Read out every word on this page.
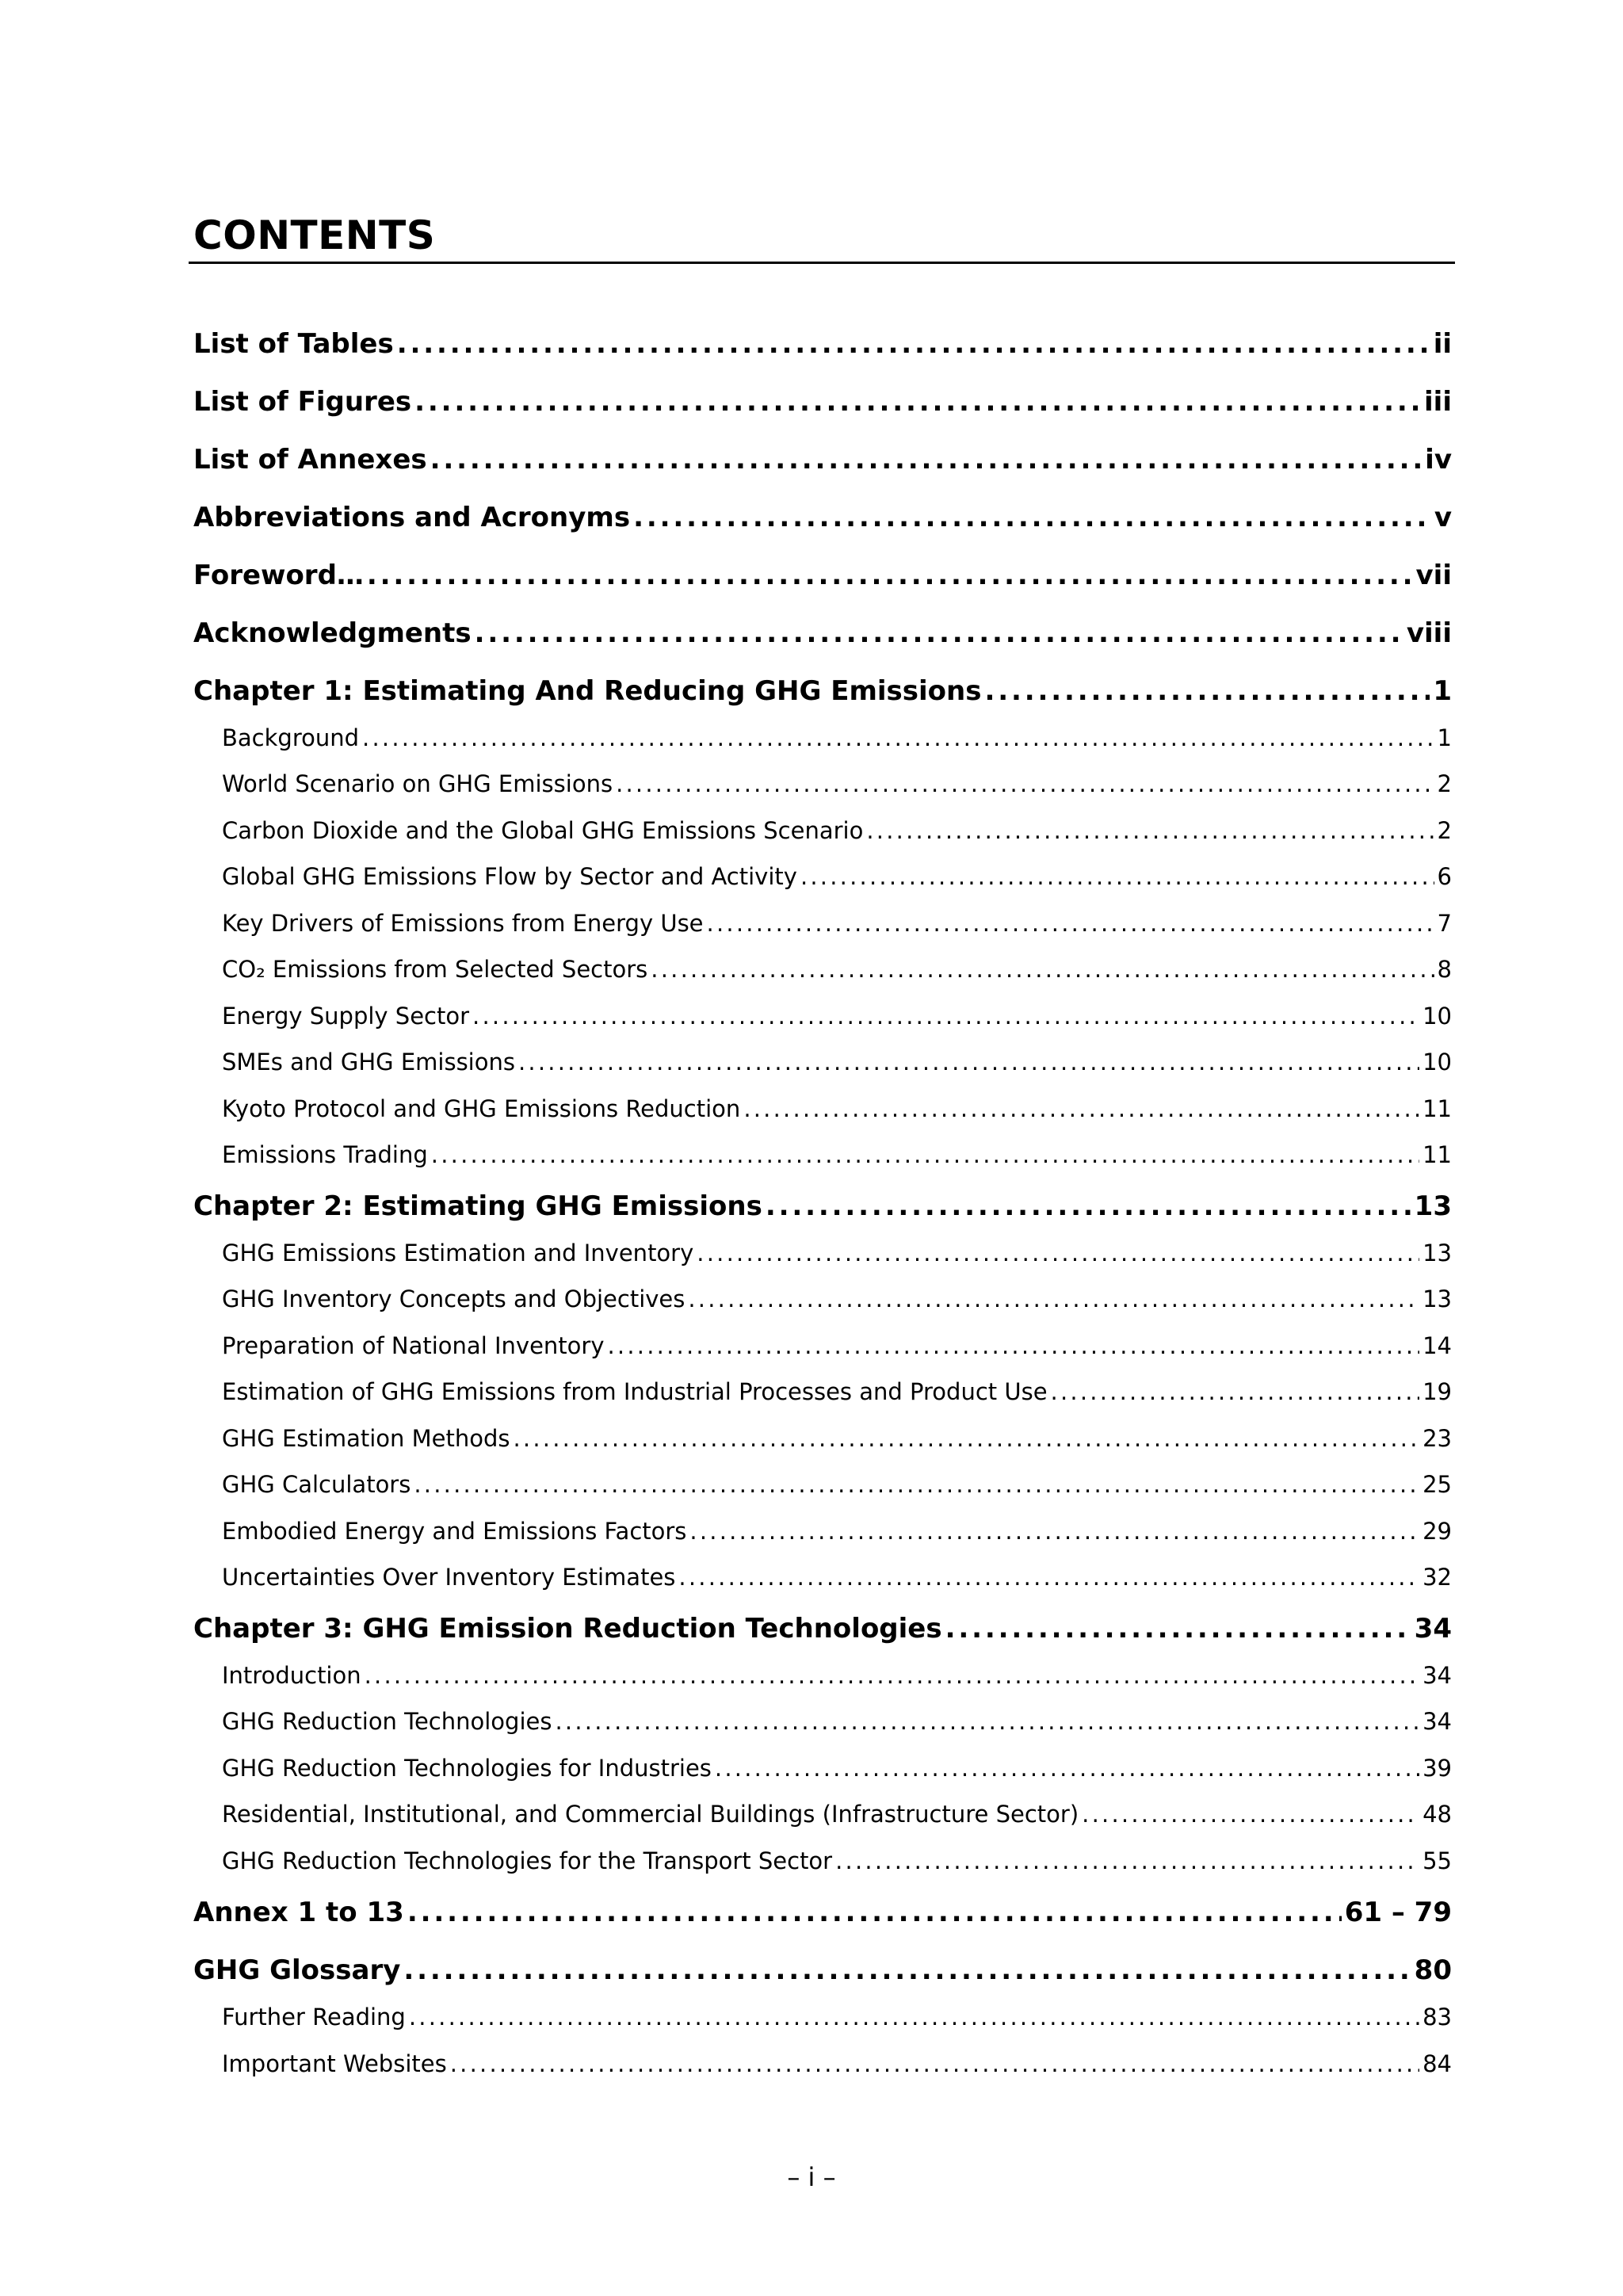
CONTENTS
List of Tables . . .	ii
List of Figures . . .	iii
List of Annexes . . .	iv
Abbreviations and Acronyms . . .	v
Foreword… . . .	vii
Acknowledgments . . .	viii
Chapter 1: Estimating And Reducing GHG Emissions . . .	1
Background . . .	1
World Scenario on GHG Emissions . . .	2
Carbon Dioxide and the Global GHG Emissions Scenario . . .	2
Global GHG Emissions Flow by Sector and Activity . . .	6
Key Drivers of Emissions from Energy Use . . .	7
CO₂ Emissions from Selected Sectors . . .	8
Energy Supply Sector . . .	10
SMEs and GHG Emissions . . .	10
Kyoto Protocol and GHG Emissions Reduction . . .	11
Emissions Trading . . .	11
Chapter 2: Estimating GHG Emissions . . .	13
GHG Emissions Estimation and Inventory . . .	13
GHG Inventory Concepts and Objectives . . .	13
Preparation of National Inventory . . .	14
Estimation of GHG Emissions from Industrial Processes and Product Use . . .	19
GHG Estimation Methods . . .	23
GHG Calculators . . .	25
Embodied Energy and Emissions Factors . . .	29
Uncertainties Over Inventory Estimates . . .	32
Chapter 3: GHG Emission Reduction Technologies . . .	34
Introduction . . .	34
GHG Reduction Technologies . . .	34
GHG Reduction Technologies for Industries . . .	39
Residential, Institutional, and Commercial Buildings (Infrastructure Sector) . . .	48
GHG Reduction Technologies for the Transport Sector . . .	55
Annex 1 to 13 . . .	61 – 79
GHG Glossary . . .	80
Further Reading . . .	83
Important Websites . . .	84
– i –
